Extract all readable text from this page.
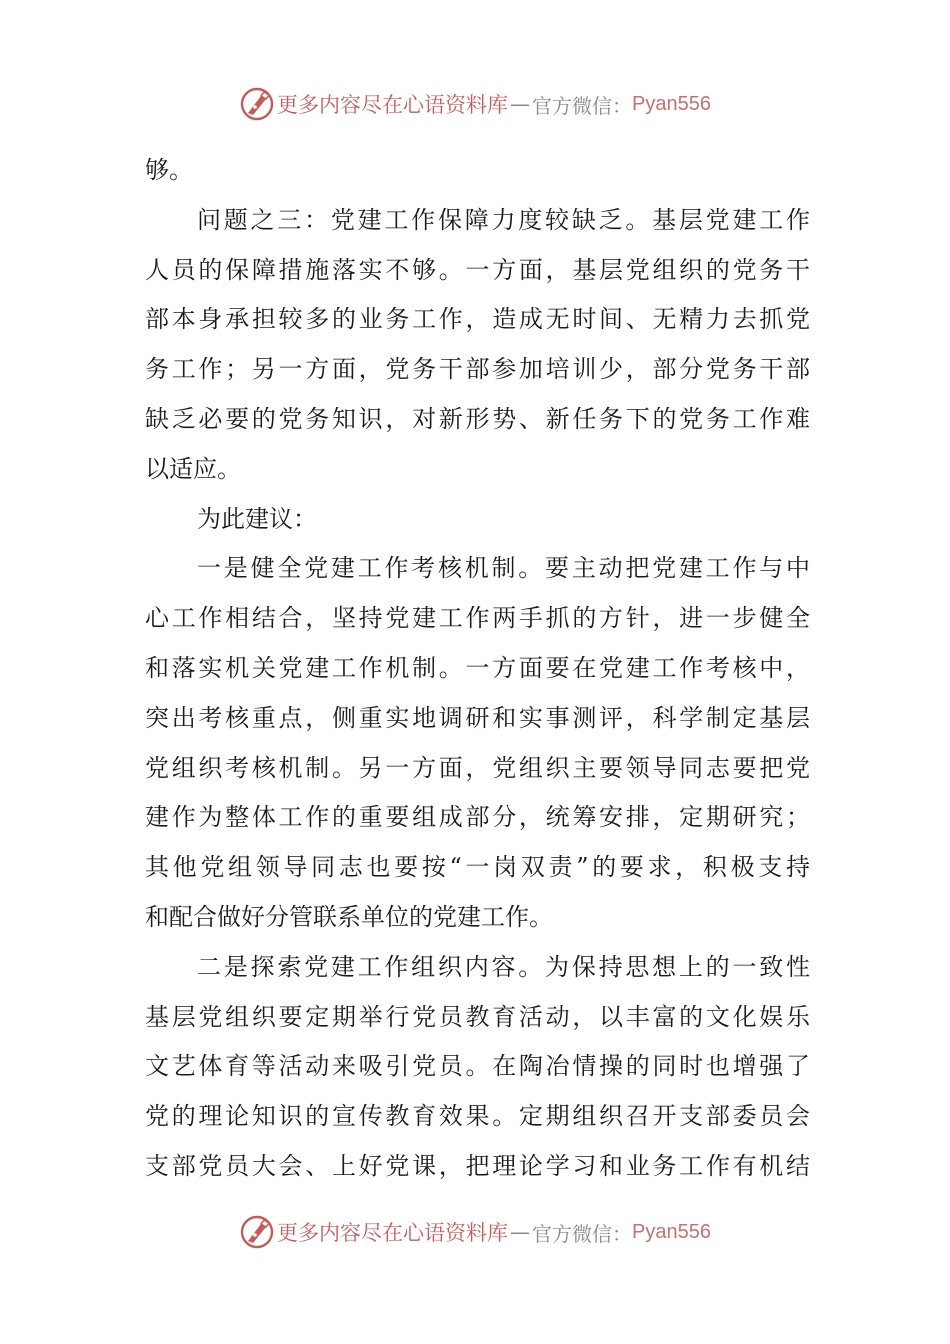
更多内容尽在心语资料库 — 官方微信： Pyan556
够。
问题之三：党建工作保障力度较缺乏。基层党建工作
人员的保障措施落实不够。一方面，基层党组织的党务干
部本身承担较多的业务工作，造成无时间、无精力去抓党
务工作；另一方面，党务干部参加培训少，部分党务干部
缺乏必要的党务知识，对新形势、新任务下的党务工作难
以适应。
为此建议：
一是健全党建工作考核机制。要主动把党建工作与中
心工作相结合，坚持党建工作两手抓的方针，进一步健全
和落实机关党建工作机制。一方面要在党建工作考核中，
突出考核重点，侧重实地调研和实事测评，科学制定基层
党组织考核机制。另一方面，党组织主要领导同志要把党
建作为整体工作的重要组成部分，统筹安排，定期研究；
其他党组领导同志也要按“一岗双责”的要求，积极支持
和配合做好分管联系单位的党建工作。
二是探索党建工作组织内容。为保持思想上的一致性
基层党组织要定期举行党员教育活动，以丰富的文化娱乐
文艺体育等活动来吸引党员。在陶冶情操的同时也增强了
党的理论知识的宣传教育效果。定期组织召开支部委员会
支部党员大会、上好党课，把理论学习和业务工作有机结
更多内容尽在心语资料库 — 官方微信： Pyan556
